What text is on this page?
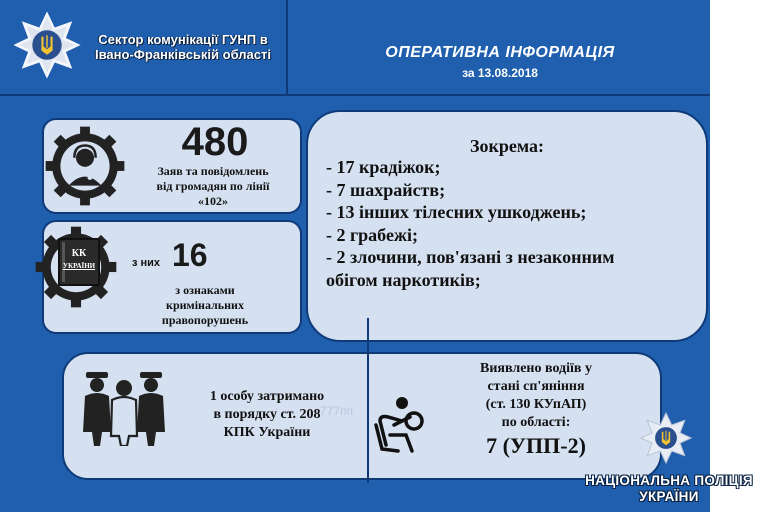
Сектор комунікації ГУНП в
Івано-Франківській області	ОПЕРАТИВНА ІНФОРМАЦІЯ
за 13.08.2018
480
Заяв та повідомлень
від громадян по лінії
«102»
КК
УКРАЇНИ	з них 16
з ознаками
кримінальних
правопорушень
Зокрема:
- 17 крадіжок;
- 7 шахрайств;
- 13 інших тілесних ушкоджень;
- 2 грабежі;
- 2 злочини, пов'язані з незаконним
обігом наркотиків;
1 особу затримано
в порядку ст. 208
КПК України
777пп
Виявлено водіїв у
стані сп'яніння
(ст. 130 КУпАП)
по області:
7 (УПП-2)
НАЦІОНАЛЬНА ПОЛІЦІЯ
УКРАЇНИ
